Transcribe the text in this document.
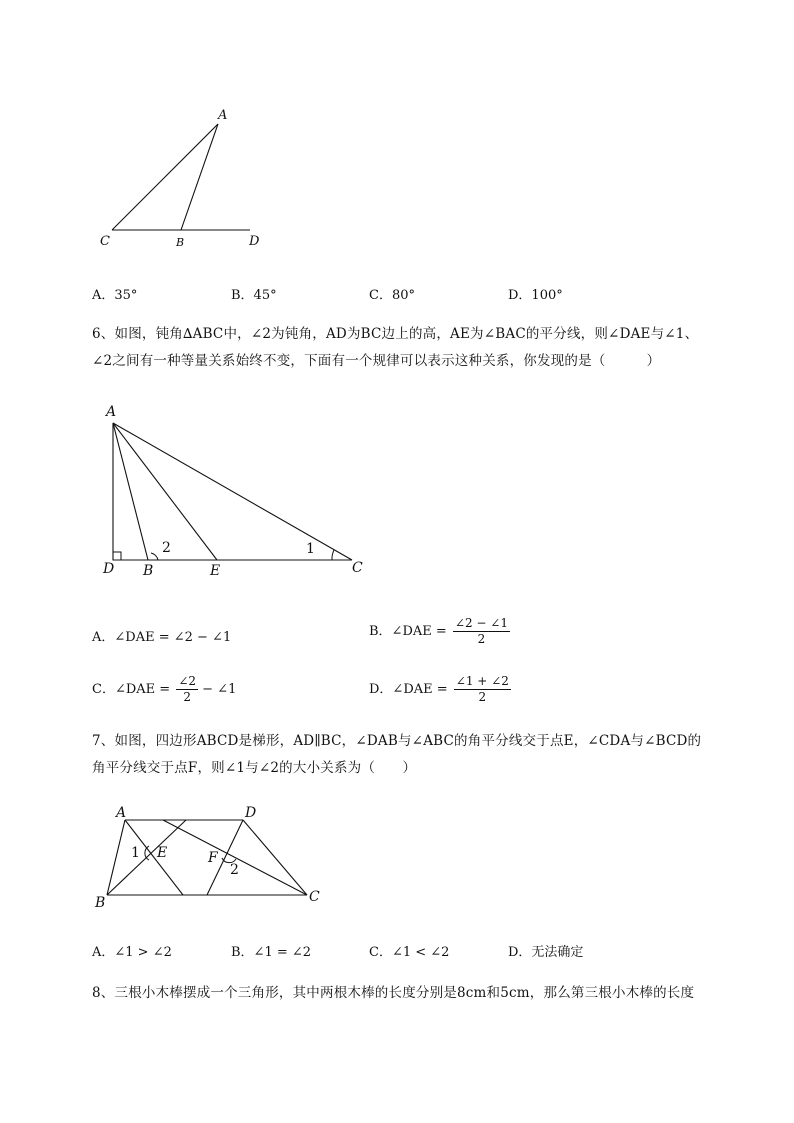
A
C	B	D
A．35°	B．45°	C．80°	D．100°
6、如图，钝角∆ABC中，∠2为钝角，AD为BC边上的高，AE为∠BAC的平分线，则∠DAE与∠1、
∠2之间有一种等量关系始终不变，下面有一个规律可以表示这种关系，你发现的是（　　　）
A
D B	E	C
2	1
A．∠DAE = ∠2 − ∠1	B．∠DAE = $\frac{\angle 2 - \angle 1}{2}$
C．∠DAE = $\frac{\angle 2}{2}$ − ∠1	D．∠DAE = $\frac{\angle 1 + \angle 2}{2}$
7、如图，四边形ABCD是梯形，AD∥BC，∠DAB与∠ABC的角平分线交于点E，∠CDA与∠BCD的
角平分线交于点F，则∠1与∠2的大小关系为（　　）
A	D
B	C
E	F
1
2
A．∠1 > ∠2	B．∠1 = ∠2	C．∠1 < ∠2	D．无法确定
8、三根小木棒摆成一个三角形，其中两根木棒的长度分别是8cm和5cm，那么第三根小木棒的长度
